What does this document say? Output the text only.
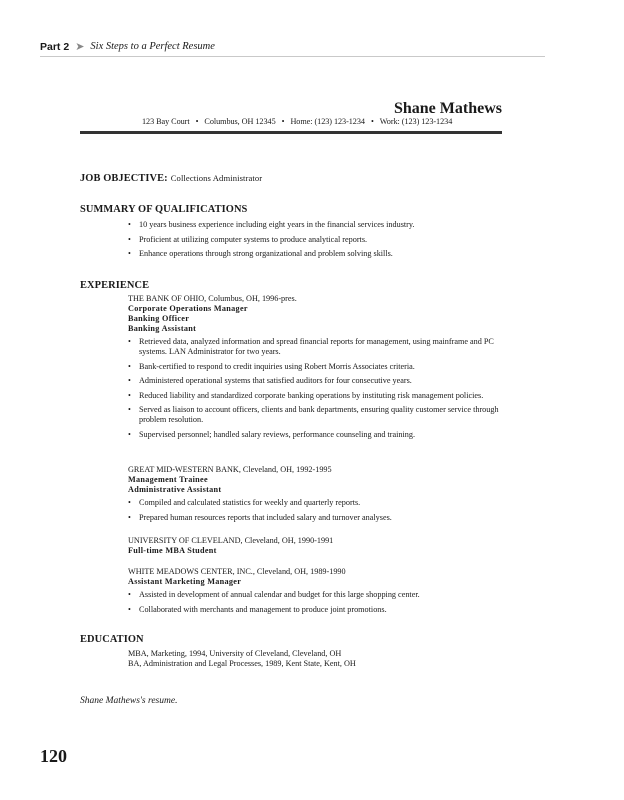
Part 2 ➤ Six Steps to a Perfect Resume
Shane Mathews
123 Bay Court • Columbus, OH 12345 • Home: (123) 123-1234 • Work: (123) 123-1234
JOB OBJECTIVE: Collections Administrator
SUMMARY OF QUALIFICATIONS
• 10 years business experience including eight years in the financial services industry.
• Proficient at utilizing computer systems to produce analytical reports.
• Enhance operations through strong organizational and problem solving skills.
EXPERIENCE
THE BANK OF OHIO, Columbus, OH, 1996-pres.
Corporate Operations Manager
Banking Officer
Banking Assistant
• Retrieved data, analyzed information and spread financial reports for management, using mainframe and PC systems. LAN Administrator for two years.
• Bank-certified to respond to credit inquiries using Robert Morris Associates criteria.
• Administered operational systems that satisfied auditors for four consecutive years.
• Reduced liability and standardized corporate banking operations by instituting risk management policies.
• Served as liaison to account officers, clients and bank departments, ensuring quality customer service through problem resolution.
• Supervised personnel; handled salary reviews, performance counseling and training.
GREAT MID-WESTERN BANK, Cleveland, OH, 1992-1995
Management Trainee
Administrative Assistant
• Compiled and calculated statistics for weekly and quarterly reports.
• Prepared human resources reports that included salary and turnover analyses.
UNIVERSITY OF CLEVELAND, Cleveland, OH, 1990-1991
Full-time MBA Student
WHITE MEADOWS CENTER, INC., Cleveland, OH, 1989-1990
Assistant Marketing Manager
• Assisted in development of annual calendar and budget for this large shopping center.
• Collaborated with merchants and management to produce joint promotions.
EDUCATION
MBA, Marketing, 1994, University of Cleveland, Cleveland, OH
BA, Administration and Legal Processes, 1989, Kent State, Kent, OH
Shane Mathews's resume.
120
